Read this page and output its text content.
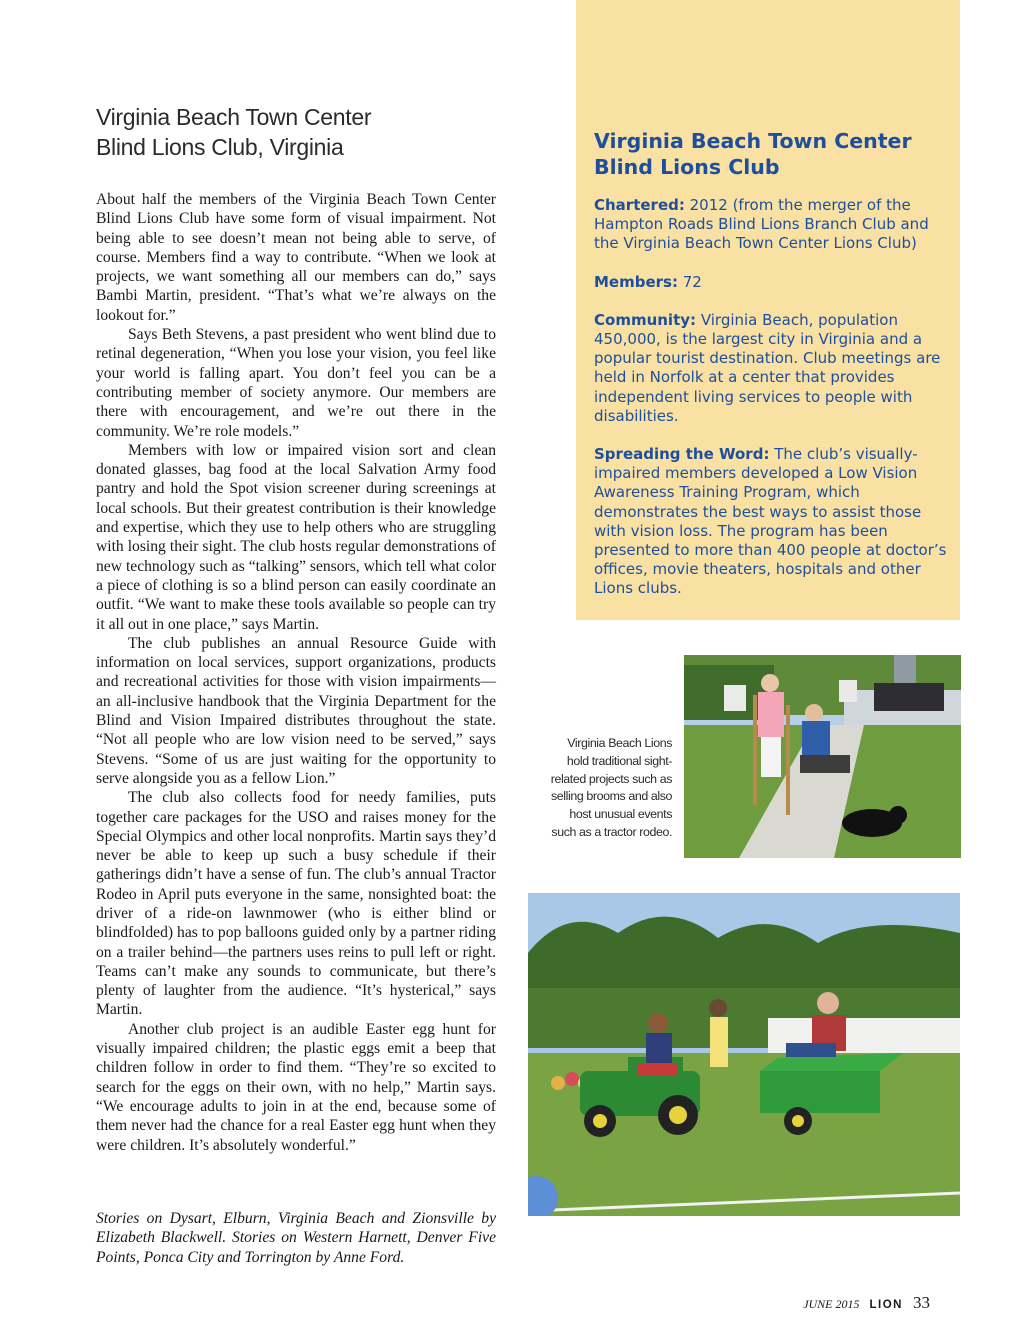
Virginia Beach Town Center
Blind Lions Club, Virginia

About half the members of the Virginia Beach Town Center Blind Lions Club have some form of visual impairment. Not being able to see doesn’t mean not being able to serve, of course. Members find a way to contribute. “When we look at projects, we want something all our members can do,” says Bambi Martin, president. “That’s what we’re always on the lookout for.”

Says Beth Stevens, a past president who went blind due to retinal degeneration, “When you lose your vision, you feel like your world is falling apart. You don’t feel you can be a contributing member of society anymore. Our members are there with encouragement, and we’re out there in the community. We’re role models.”

Members with low or impaired vision sort and clean donated glasses, bag food at the local Salvation Army food pantry and hold the Spot vision screener during screenings at local schools. But their greatest contribution is their knowledge and expertise, which they use to help others who are struggling with losing their sight. The club hosts regular demonstrations of new technology such as “talking” sensors, which tell what color a piece of clothing is so a blind person can easily coordinate an outfit. “We want to make these tools available so people can try it all out in one place,” says Martin.

The club publishes an annual Resource Guide with information on local services, support organizations, products and recreational activities for those with vision impairments—an all-inclusive handbook that the Virginia Department for the Blind and Vision Impaired distributes throughout the state. “Not all people who are low vision need to be served,” says Stevens. “Some of us are just waiting for the opportunity to serve alongside you as a fellow Lion.”

The club also collects food for needy families, puts together care packages for the USO and raises money for the Special Olympics and other local nonprofits. Martin says they’d never be able to keep up such a busy schedule if their gatherings didn’t have a sense of fun. The club’s annual Tractor Rodeo in April puts everyone in the same, nonsighted boat: the driver of a ride-on lawnmower (who is either blind or blindfolded) has to pop balloons guided only by a partner riding on a trailer behind—the partners uses reins to pull left or right. Teams can’t make any sounds to communicate, but there’s plenty of laughter from the audience. “It’s hysterical,” says Martin.

Another club project is an audible Easter egg hunt for visually impaired children; the plastic eggs emit a beep that children follow in order to find them. “They’re so excited to search for the eggs on their own, with no help,” Martin says. “We encourage adults to join in at the end, because some of them never had the chance for a real Easter egg hunt when they were children. It’s absolutely wonderful.”

Stories on Dysart, Elburn, Virginia Beach and Zionsville by Elizabeth Blackwell. Stories on Western Harnett, Denver Five Points, Ponca City and Torrington by Anne Ford.

Virginia Beach Town Center
Blind Lions Club

Chartered: 2012 (from the merger of the Hampton Roads Blind Lions Branch Club and the Virginia Beach Town Center Lions Club)

Members: 72

Community: Virginia Beach, population 450,000, is the largest city in Virginia and a popular tourist destination. Club meetings are held in Norfolk at a center that provides independent living services to people with disabilities.

Spreading the Word: The club’s visually-impaired members developed a Low Vision Awareness Training Program, which demonstrates the best ways to assist those with vision loss. The program has been presented to more than 400 people at doctor’s offices, movie theaters, hospitals and other Lions clubs.

Virginia Beach Lions hold traditional sight-related projects such as selling brooms and also host unusual events such as a tractor rodeo.
JUNE 2015 LION 33
